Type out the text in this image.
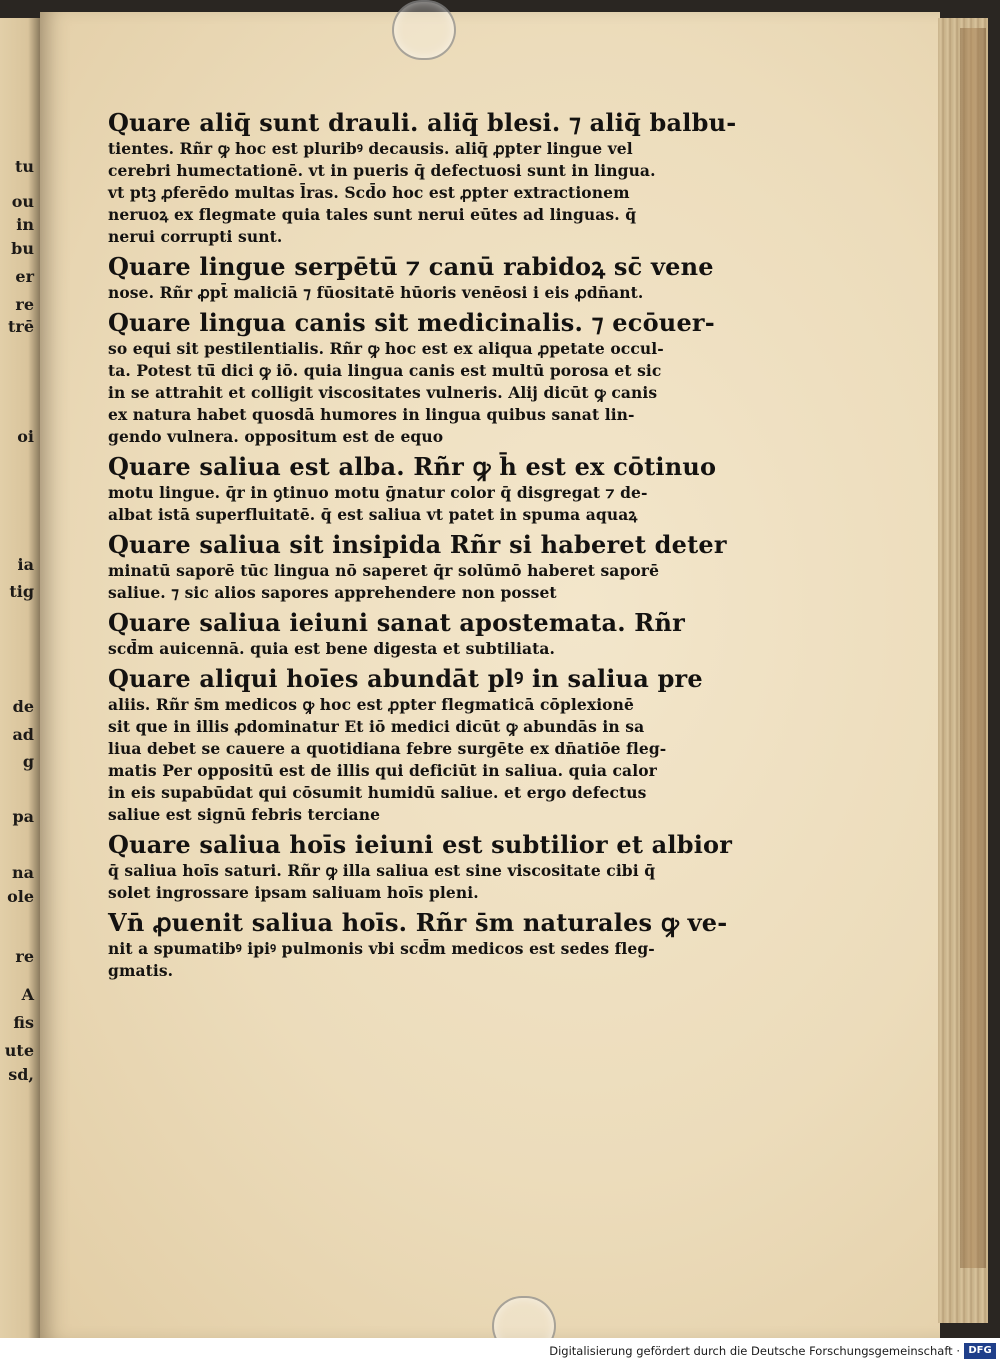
tu
ou
in
bu
er
re
trē
oi
ia
tig
de
ad
g
pa
na
ole
re
A
fis
ute
sd,
Quare aliq̄ sunt drauli. aliq̄ blesi. ⁊ aliq̄ balbu-
tientes. Rñr ꝙ hoc est pluribꝰ decausis. aliq̄ ꝓpter lingue vel
cerebri humectationē. vt in pueris q̄ defectuosi sunt in lingua.
vt ptꝫ ꝓferēdo multas l̄ras. Scd̄o hoc est ꝓpter extractionem
neruoꝝ ex flegmate quia tales sunt nerui eūtes ad linguas. q̄
nerui corrupti sunt.
Quare lingue serpētū ⁊ canū rabidoꝝ sc̄ vene
nose. Rñr ꝓpt̄ maliciā ⁊ fūositatē hūoris venēosi i eis ꝓdn̄ant.
Quare lingua canis sit medicinalis. ⁊ ecōuer-
so equi sit pestilentialis. Rñr ꝙ hoc est ex aliqua ꝓpetate occul-
ta. Potest tū̄ dici ꝙ iō. quia lingua canis est multū porosa et sic
in se attrahit et colligit viscositates vulneris. Alij dicūt ꝙ canis
ex natura habet quosdā humores in lingua quibus sanat lin-
gendo vulnera. oppositum est de equo
Quare saliua est alba. Rñr ꝙ h̄ est ex cōtinuo
motu lingue. q̄r in ꝯtinuo motu ḡnatur color q̄ disgregat ⁊ de-
albat istā superfluitatē. q̄ est saliua vt patet in spuma aquaꝝ
Quare saliua sit insipida Rñr si haberet deter
minatū saporē tūc lingua nō saperet q̄r solūmō haberet saporē
saliue. ⁊ sic alios sapores apprehendere non posset
Quare saliua ieiuni sanat apostemata. Rñr
scd̄m auicennā. quia est bene digesta et subtiliata.
Quare aliqui hoīes abundāt plꝰ in saliua pre
aliis. Rñr s̄m medicos ꝙ hoc est ꝓpter flegmaticā cōplexionē
sit que in illis ꝓdominatur Et iō medici dicūt ꝙ abundās in sa
liua debet se cauere a quotidiana febre surgēte ex dn̄atiōe fleg-
matis Per oppositū est de illis qui deficiūt in saliua. quia calor
in eis supabūdat qui cōsumit humidū saliue. et ergo defectus
saliue est signū febris terciane
Quare saliua hoīs ieiuni est subtilior et albior
q̄ saliua hoīs saturi. Rñr ꝙ illa saliua est sine viscositate cibi q̄
solet ingrossare ipsam saliuam hoīs pleni.
Vn̄ ꝓuenit saliua hoīs. Rñr s̄m naturales ꝙ ve-
nit a spumatibꝰ ipiꝰ pulmonis vbi scd̄m medicos est sedes fleg-
gmatis.
Digitalisierung gefördert durch die Deutsche Forschungsgemeinschaft · DFG
